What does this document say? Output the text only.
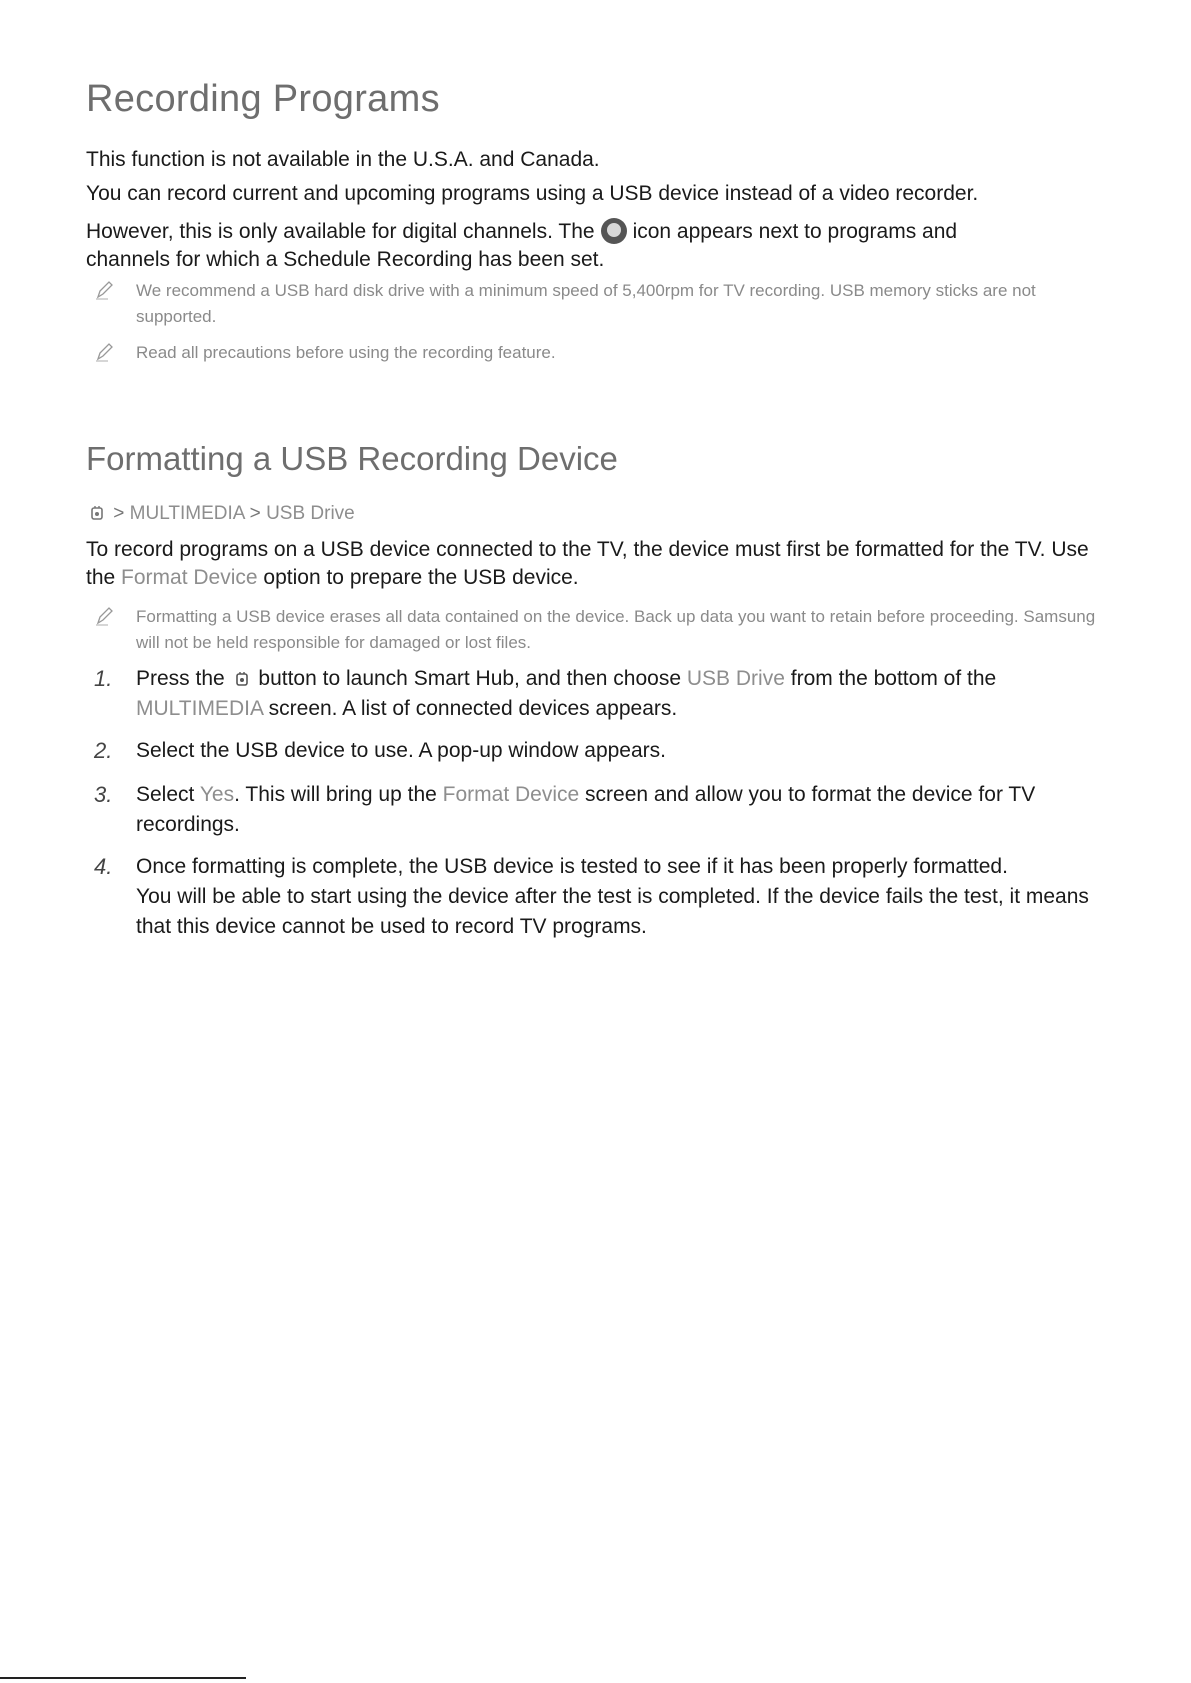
Recording Programs

This function is not available in the U.S.A. and Canada.

You can record current and upcoming programs using a USB device instead of a video recorder.

However, this is only available for digital channels. The icon appears next to programs and
channels for which a Schedule Recording has been set.

We recommend a USB hard disk drive with a minimum speed of 5,400rpm for TV recording. USB memory sticks are not supported.
Read all precautions before using the recording feature.
Formatting a USB Recording Device

> MULTIMEDIA > USB Drive

To record programs on a USB device connected to the TV, the device must first be formatted for the TV. Use the Format Device option to prepare the USB device.

Formatting a USB device erases all data contained on the device. Back up data you want to retain before proceeding. Samsung will not be held responsible for damaged or lost files.
1. Press the button to launch Smart Hub, and then choose USB Drive from the bottom of the MULTIMEDIA screen. A list of connected devices appears.
2. Select the USB device to use. A pop-up window appears.
3. Select Yes. This will bring up the Format Device screen and allow you to format the device for TV recordings.
4. Once formatting is complete, the USB device is tested to see if it has been properly formatted.
You will be able to start using the device after the test is completed. If the device fails the test, it means that this device cannot be used to record TV programs.
